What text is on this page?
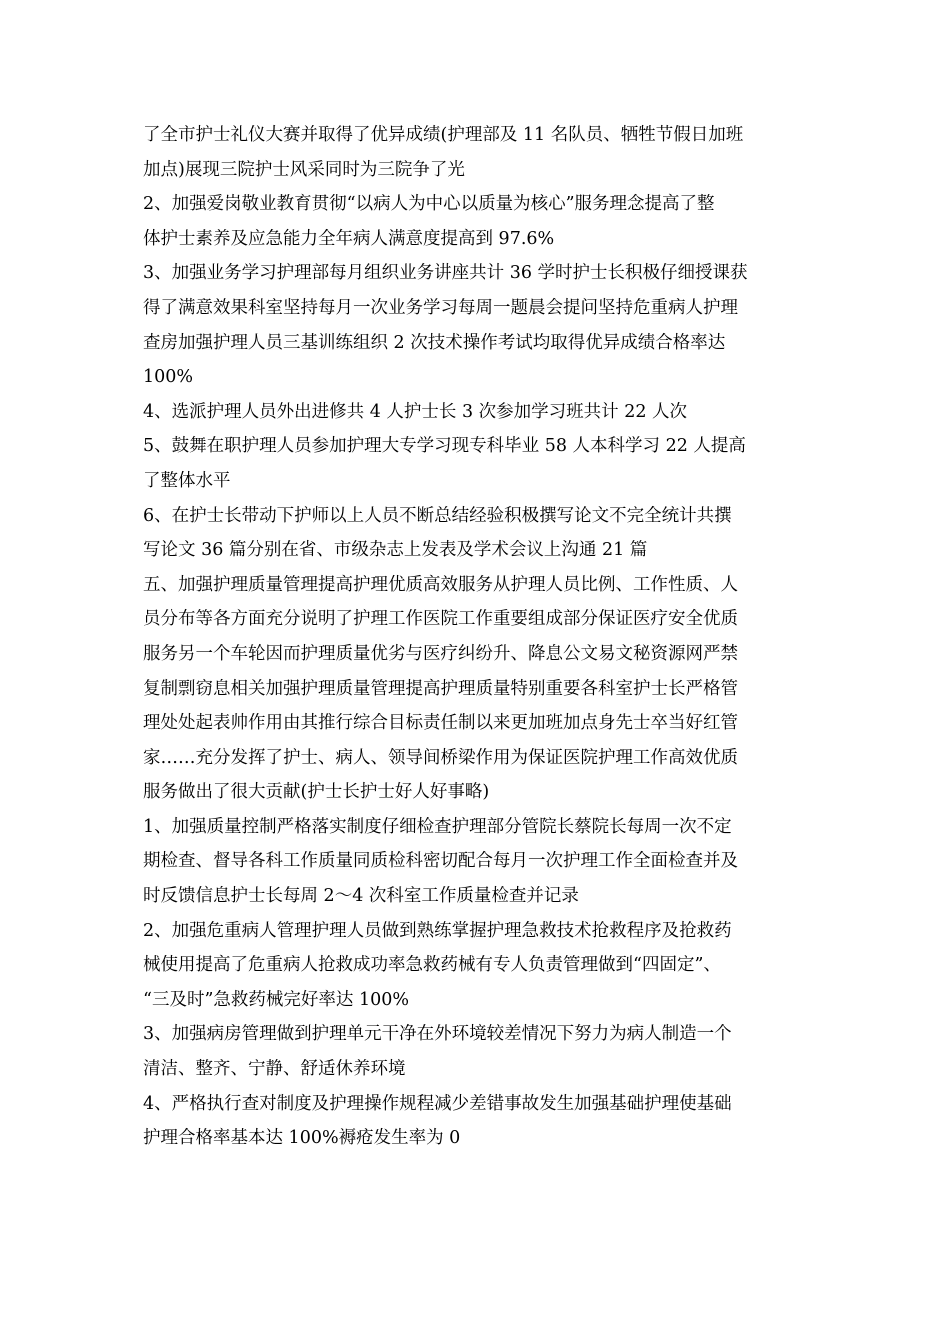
了全市护士礼仪大赛并取得了优异成绩(护理部及 11 名队员、牺牲节假日加班
加点)展现三院护士风采同时为三院争了光
2、加强爱岗敬业教育贯彻“以病人为中心以质量为核心”服务理念提高了整
体护士素养及应急能力全年病人满意度提高到 97.6%
3、加强业务学习护理部每月组织业务讲座共计 36 学时护士长积极仔细授课获
得了满意效果科室坚持每月一次业务学习每周一题晨会提问坚持危重病人护理
查房加强护理人员三基训练组织 2 次技术操作考试均取得优异成绩合格率达
100%
4、选派护理人员外出进修共 4 人护士长 3 次参加学习班共计 22 人次
5、鼓舞在职护理人员参加护理大专学习现专科毕业 58 人本科学习 22 人提高
了整体水平
6、在护士长带动下护师以上人员不断总结经验积极撰写论文不完全统计共撰
写论文 36 篇分别在省、市级杂志上发表及学术会议上沟通 21 篇
五、加强护理质量管理提高护理优质高效服务从护理人员比例、工作性质、人
员分布等各方面充分说明了护理工作医院工作重要组成部分保证医疗安全优质
服务另一个车轮因而护理质量优劣与医疗纠纷升、降息公文易文秘资源网严禁
复制剽窃息相关加强护理质量管理提高护理质量特别重要各科室护士长严格管
理处处起表帅作用由其推行综合目标责任制以来更加班加点身先士卒当好红管
家……充分发挥了护士、病人、领导间桥梁作用为保证医院护理工作高效优质
服务做出了很大贡献(护士长护士好人好事略)
1、加强质量控制严格落实制度仔细检查护理部分管院长蔡院长每周一次不定
期检查、督导各科工作质量同质检科密切配合每月一次护理工作全面检查并及
时反馈信息护士长每周 2～4 次科室工作质量检查并记录
2、加强危重病人管理护理人员做到熟练掌握护理急救技术抢救程序及抢救药
械使用提高了危重病人抢救成功率急救药械有专人负责管理做到“四固定”、
“三及时”急救药械完好率达 100%
3、加强病房管理做到护理单元干净在外环境较差情况下努力为病人制造一个
清洁、整齐、宁静、舒适休养环境
4、严格执行查对制度及护理操作规程减少差错事故发生加强基础护理使基础
护理合格率基本达 100%褥疮发生率为 0
